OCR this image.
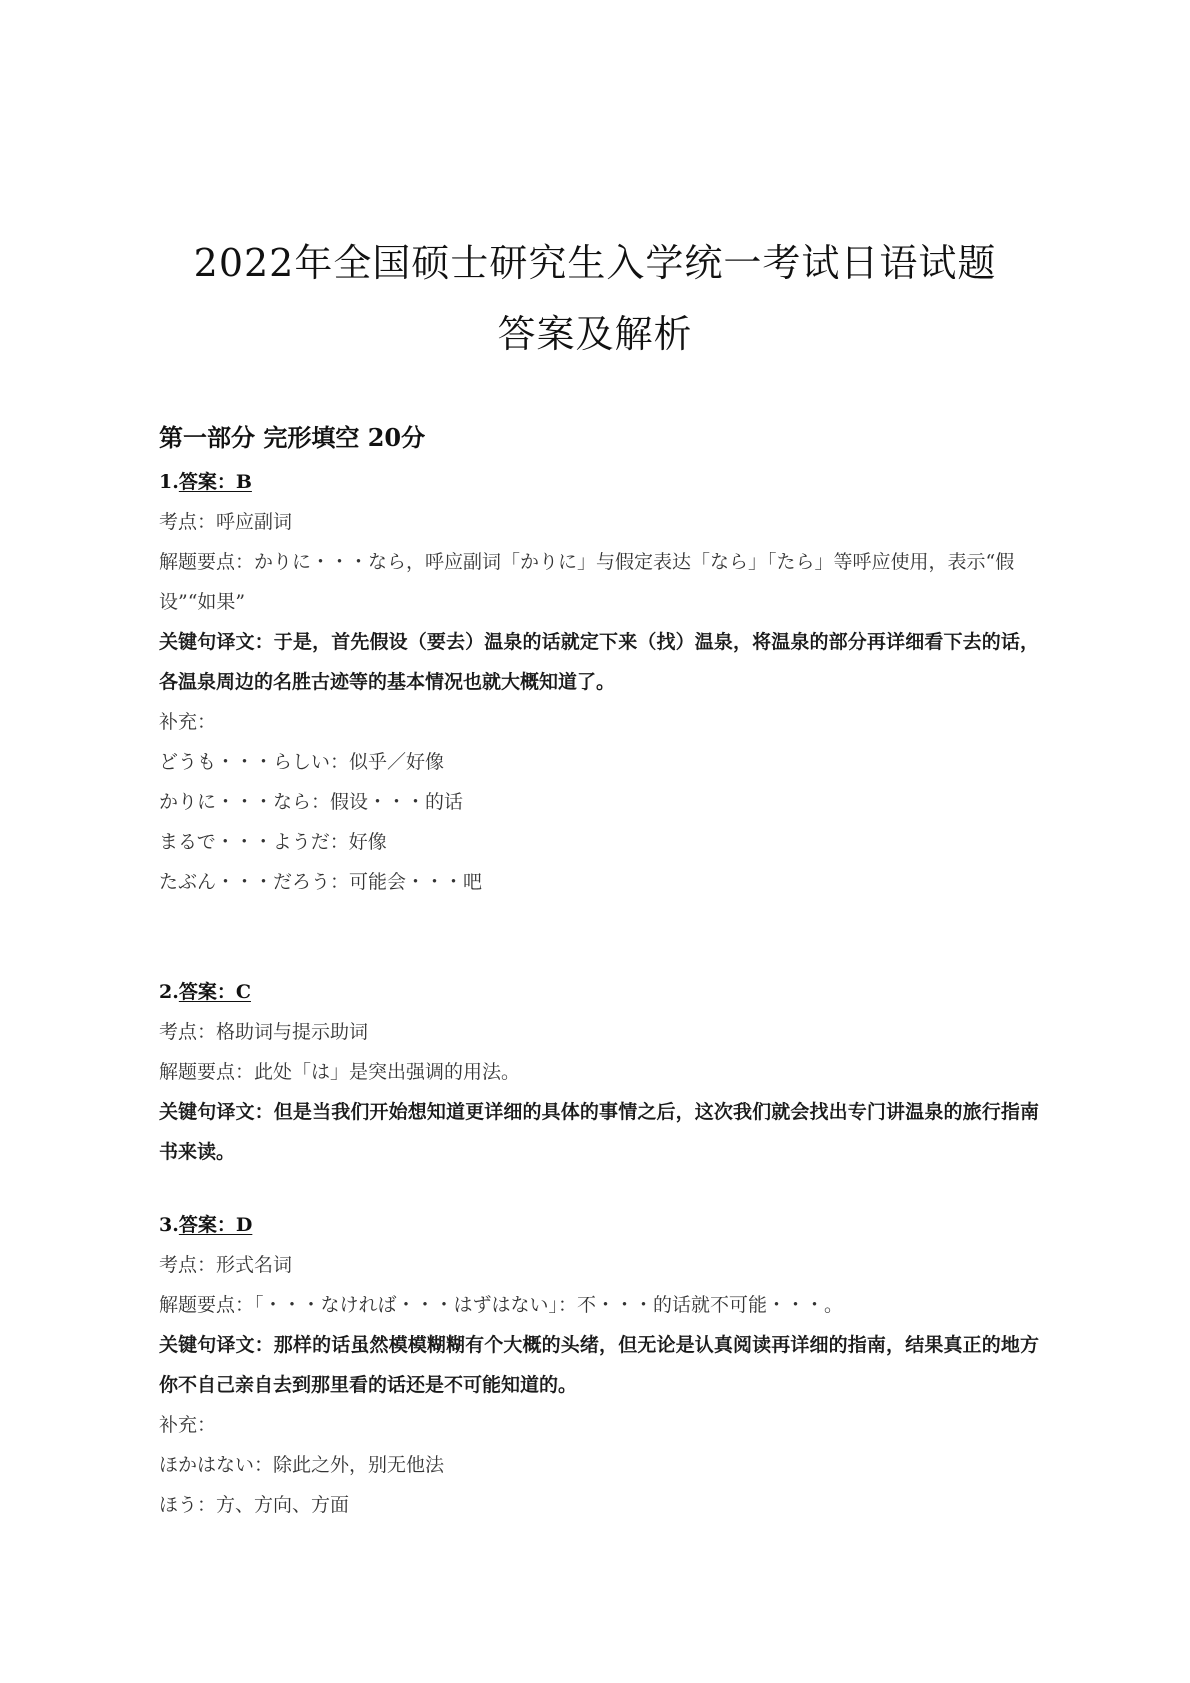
2022年全国硕士研究生入学统一考试日语试题
答案及解析
第一部分 完形填空 20分
1.答案：B
考点：呼应副词
解题要点：かりに・・・なら，呼应副词「かりに」与假定表达「なら」「たら」等呼应使用，表示“假设”“如果”
关键句译文：于是，首先假设（要去）温泉的话就定下来（找）温泉，将温泉的部分再详细看下去的话，各温泉周边的名胜古迹等的基本情况也就大概知道了。
补充：
どうも・・・らしい：似乎／好像
かりに・・・なら：假设・・・的话
まるで・・・ようだ：好像
たぶん・・・だろう：可能会・・・吧
2.答案：C
考点：格助词与提示助词
解题要点：此处「は」是突出强调的用法。
关键句译文：但是当我们开始想知道更详细的具体的事情之后，这次我们就会找出专门讲温泉的旅行指南书来读。
3.答案：D
考点：形式名词
解题要点：「・・・なければ・・・はずはない」：不・・・的话就不可能・・・。
关键句译文：那样的话虽然模模糊糊有个大概的头绪，但无论是认真阅读再详细的指南，结果真正的地方你不自己亲自去到那里看的话还是不可能知道的。
补充：
ほかはない：除此之外，别无他法
ほう：方、方向、方面
